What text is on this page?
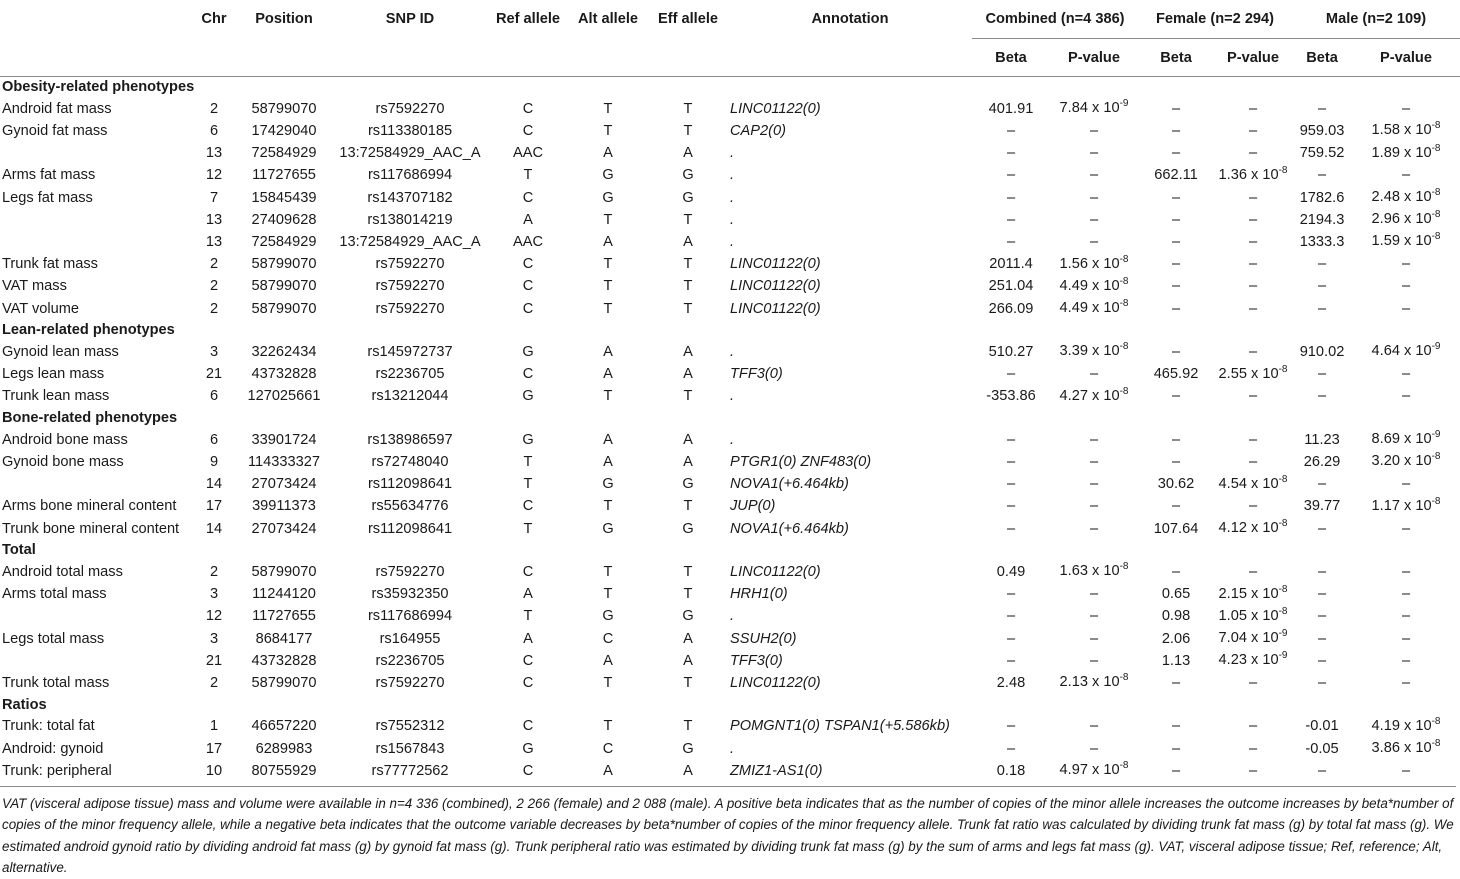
	Chr	Position	SNP ID	Ref allele	Alt allele	Eff allele	Annotation	Combined (n=4 386)		Female (n=2 294)		Male (n=2 109)	
								Beta	P-value	Beta	P-value	Beta	P-value
Obesity-related phenotypes													
Android fat mass	2	58799070	rs7592270	C	T	T	LINC01122(0)	401.91	7.84 x $10^{-9}$	–	–	–	–
Gynoid fat mass	6	17429040	rs113380185	C	T	T	CAP2(0)	–	–	–	–	959.03	1.58 x $10^{-8}$
	13	72584929	13:72584929_AAC_A	AAC	A	A	.	–	–	–	–	759.52	1.89 x $10^{-8}$
Arms fat mass	12	11727655	rs117686994	T	G	G	.	–	–	662.11	1.36 x $10^{-8}$	–	–
Legs fat mass	7	15845439	rs143707182	C	G	G	.	–	–	–	–	1782.6	2.48 x $10^{-8}$
	13	27409628	rs138014219	A	T	T	.	–	–	–	–	2194.3	2.96 x $10^{-8}$
	13	72584929	13:72584929_AAC_A	AAC	A	A	.	–	–	–	–	1333.3	1.59 x $10^{-8}$
Trunk fat mass	2	58799070	rs7592270	C	T	T	LINC01122(0)	2011.4	1.56 x $10^{-8}$	–	–	–	–
VAT mass	2	58799070	rs7592270	C	T	T	LINC01122(0)	251.04	4.49 x $10^{-8}$	–	–	–	–
VAT volume	2	58799070	rs7592270	C	T	T	LINC01122(0)	266.09	4.49 x $10^{-8}$	–	–	–	–
Lean-related phenotypes													
Gynoid lean mass	3	32262434	rs145972737	G	A	A	.	510.27	3.39 x $10^{-8}$	–	–	910.02	4.64 x $10^{-9}$
Legs lean mass	21	43732828	rs2236705	C	A	A	TFF3(0)	–	–	465.92	2.55 x $10^{-8}$	–	–
Trunk lean mass	6	127025661	rs13212044	G	T	T	.	-353.86	4.27 x $10^{-8}$	–	–	–	–
Bone-related phenotypes													
Android bone mass	6	33901724	rs138986597	G	A	A	.	–	–	–	–	11.23	8.69 x $10^{-9}$
Gynoid bone mass	9	114333327	rs72748040	T	A	A	PTGR1(0) ZNF483(0)	–	–	–	–	26.29	3.20 x $10^{-8}$
	14	27073424	rs112098641	T	G	G	NOVA1(+6.464kb)	–	–	30.62	4.54 x $10^{-8}$	–	–
Arms bone mineral content	17	39911373	rs55634776	C	T	T	JUP(0)	–	–	–	–	39.77	1.17 x $10^{-8}$
Trunk bone mineral content	14	27073424	rs112098641	T	G	G	NOVA1(+6.464kb)	–	–	107.64	4.12 x $10^{-8}$	–	–
Total													
Android total mass	2	58799070	rs7592270	C	T	T	LINC01122(0)	0.49	1.63 x $10^{-8}$	–	–	–	–
Arms total mass	3	11244120	rs35932350	A	T	T	HRH1(0)	–	–	0.65	2.15 x $10^{-8}$	–	–
	12	11727655	rs117686994	T	G	G	.	–	–	0.98	1.05 x $10^{-8}$	–	–
Legs total mass	3	8684177	rs164955	A	C	A	SSUH2(0)	–	–	2.06	7.04 x $10^{-9}$	–	–
	21	43732828	rs2236705	C	A	A	TFF3(0)	–	–	1.13	4.23 x $10^{-9}$	–	–
Trunk total mass	2	58799070	rs7592270	C	T	T	LINC01122(0)	2.48	2.13 x $10^{-8}$	–	–	–	–
Ratios													
Trunk: total fat	1	46657220	rs7552312	C	T	T	POMGNT1(0) TSPAN1(+5.586kb)	–	–	–	–	-0.01	4.19 x $10^{-8}$
Android: gynoid	17	6289983	rs1567843	G	C	G	.	–	–	–	–	-0.05	3.86 x $10^{-8}$
Trunk: peripheral	10	80755929	rs77772562	C	A	A	ZMIZ1-AS1(0)	0.18	4.97 x $10^{-8}$	–	–	–	–
VAT (visceral adipose tissue) mass and volume were available in n=4 336 (combined), 2 266 (female) and 2 088 (male). A positive beta indicates that as the number of copies of the minor allele increases the outcome increases by beta*number of copies of the minor frequency allele, while a negative beta indicates that the outcome variable decreases by beta*number of copies of the minor frequency allele. Trunk fat ratio was calculated by dividing trunk fat mass (g) by total fat mass (g). We estimated android gynoid ratio by dividing android fat mass (g) by gynoid fat mass (g). Trunk peripheral ratio was estimated by dividing trunk fat mass (g) by the sum of arms and legs fat mass (g). VAT, visceral adipose tissue; Ref, reference; Alt, alternative.
